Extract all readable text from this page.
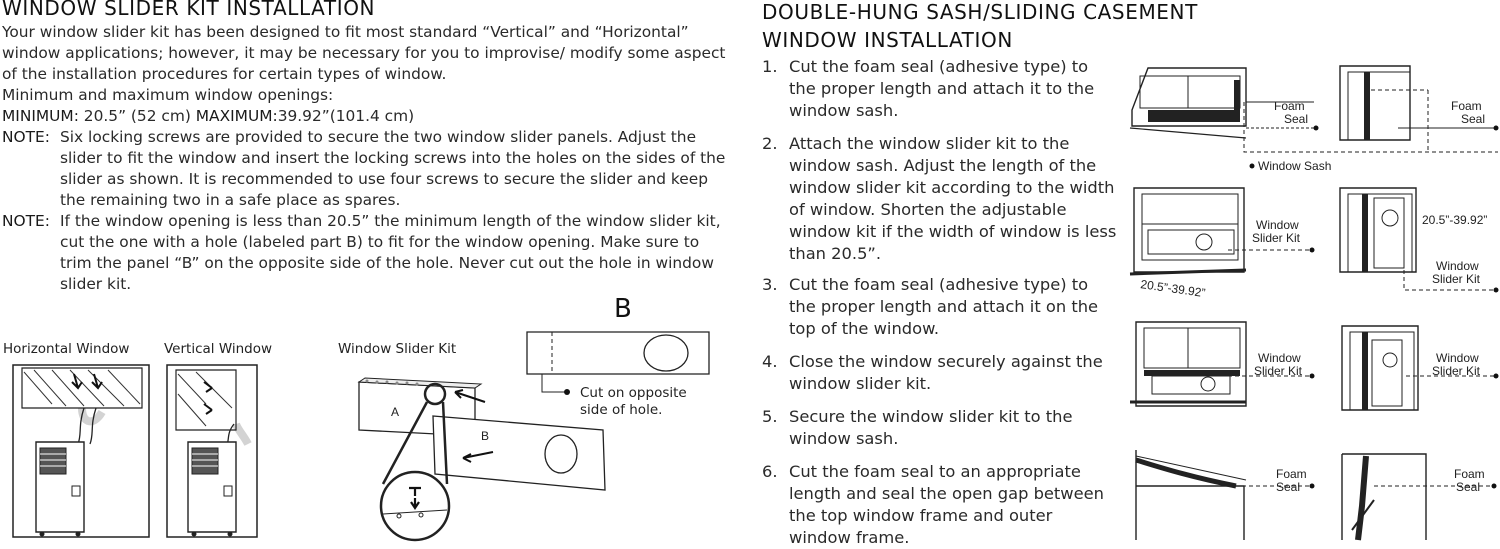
WINDOW SLIDER KIT INSTALLATION

Your window slider kit has been designed to fit most standard “Vertical” and “Horizontal” window applications; however, it may be necessary for you to improvise/ modify some aspect of the installation procedures for certain types of window.

Minimum and maximum window openings:

MINIMUM: 20.5” (52 cm) MAXIMUM:39.92”(101.4 cm)

NOTE: Six locking screws are provided to secure the two window slider panels. Adjust the slider to fit the window and insert the locking screws into the holes on the sides of the slider as shown. It is recommended to use four screws to secure the slider and keep the remaining two in a safe place as spares.
NOTE: If the window opening is less than 20.5” the minimum length of the window slider kit, cut the one with a hole (labeled part B) to fit for the window opening. Make sure to trim the panel “B” on the opposite side of the hole. Never cut out the hole in window slider kit.
Horizontal Window	Vertical Window	Window Slider Kit
A
B
B
Cut on opposite
side of hole.
DOUBLE-HUNG SASH/SLIDING CASEMENT
WINDOW INSTALLATION
1. Cut the foam seal (adhesive type) to the proper length and attach it to the window sash.
2. Attach the window slider kit to the window sash. Adjust the length of the window slider kit according to the width of window. Shorten the adjustable window kit if the width of window is less than 20.5”.
3. Cut the foam seal (adhesive type) to the proper length and attach it on the top of the window.
4. Close the window securely against the window slider kit.
5. Secure the window slider kit to the window sash.
6. Cut the foam seal to an appropriate length and seal the open gap between the top window frame and outer window frame.
Foam
Seal
Foam
Seal
Window Sash
Window
Slider Kit
20.5”-39.92”
20.5”-39.92”
Window
Slider Kit
Window
Slider Kit
Window
Slider Kit
Foam
Seal
Foam
Seal
